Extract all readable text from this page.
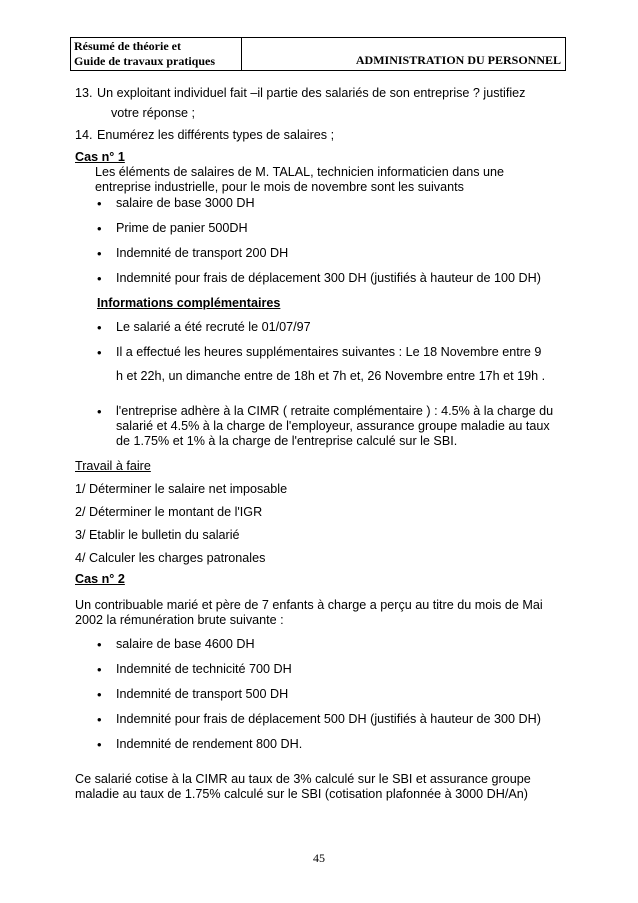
Résumé de théorie et
Guide de travaux pratiques	ADMINISTRATION DU PERSONNEL
13. Un exploitant individuel fait –il partie des salariés de son entreprise ? justifiez
votre réponse ;
14. Enumérez les différents types de salaires ;
Cas n° 1
Les éléments de salaires de M. TALAL, technicien informaticien dans une
entreprise industrielle, pour le mois de novembre sont les suivants
• salaire de base 3000 DH
• Prime de panier 500DH
• Indemnité de transport 200 DH
• Indemnité pour frais de déplacement 300 DH (justifiés à hauteur de 100 DH)
Informations complémentaires
• Le salarié a été recruté le 01/07/97
• Il a effectué les heures supplémentaires suivantes : Le 18 Novembre entre 9
h et 22h, un dimanche entre de 18h et 7h et, 26 Novembre entre 17h et 19h .
• l'entreprise adhère à la CIMR ( retraite complémentaire ) : 4.5% à la charge du
salarié et 4.5% à la charge de l'employeur, assurance groupe maladie au taux
de 1.75% et 1% à la charge de l'entreprise calculé sur le SBI.
Travail à faire
1/ Déterminer le salaire net imposable
2/ Déterminer le montant de l'IGR
3/ Etablir le bulletin du salarié
4/ Calculer les charges patronales
Cas n° 2
Un contribuable marié et père de 7 enfants à charge a perçu au titre du mois de Mai
2002 la rémunération brute suivante :
• salaire de base 4600 DH
• Indemnité de technicité 700 DH
• Indemnité de transport 500 DH
• Indemnité pour frais de déplacement 500 DH (justifiés à hauteur de 300 DH)
• Indemnité de rendement 800 DH.
Ce salarié cotise à la CIMR au taux de 3% calculé sur le SBI et assurance groupe
maladie au taux de 1.75% calculé sur le SBI (cotisation plafonnée à 3000 DH/An)
45
